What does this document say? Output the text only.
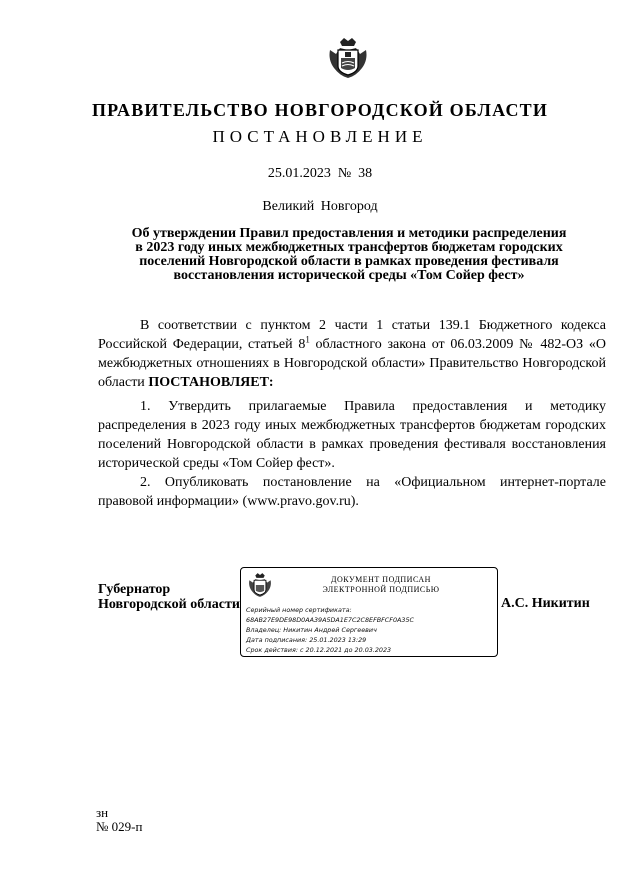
ПРАВИТЕЛЬСТВО НОВГОРОДСКОЙ ОБЛАСТИ
ПОСТАНОВЛЕНИЕ
25.01.2023  №  38
Великий Новгород
Об утверждении Правил предоставления и методики распределения
в 2023 году иных межбюджетных трансфертов бюджетам городских
поселений Новгородской области в рамках проведения фестиваля
восстановления исторической среды «Том Сойер фест»
В соответствии с пунктом 2 части 1 статьи 139.1 Бюджетного кодекса Российской Федерации, статьей $8^1$ областного закона от 06.03.2009 № 482-ОЗ «О межбюджетных отношениях в Новгородской области» Правительство Новгородской области ПОСТАНОВЛЯЕТ:
1. Утвердить прилагаемые Правила предоставления и методику распределения в 2023 году иных межбюджетных трансфертов бюджетам городских поселений Новгородской области в рамках проведения фестиваля восстановления исторической среды «Том Сойер фест».
2. Опубликовать постановление на «Официальном интернет-портале правовой информации» (www.pravo.gov.ru).
Губернатор
Новгородской области
ДОКУМЕНТ ПОДПИСАН
ЭЛЕКТРОННОЙ ПОДПИСЬЮ
Серийный номер сертификата:
68AB27E9DE98D0AA39A5DA1E7C2C8EFBFCF0A35C
Владелец: Никитин Андрей Сергеевич
Дата подписания: 25.01.2023 13:29
Срок действия: с 20.12.2021 до 20.03.2023
А.С. Никитин
зн
№ 029-п
